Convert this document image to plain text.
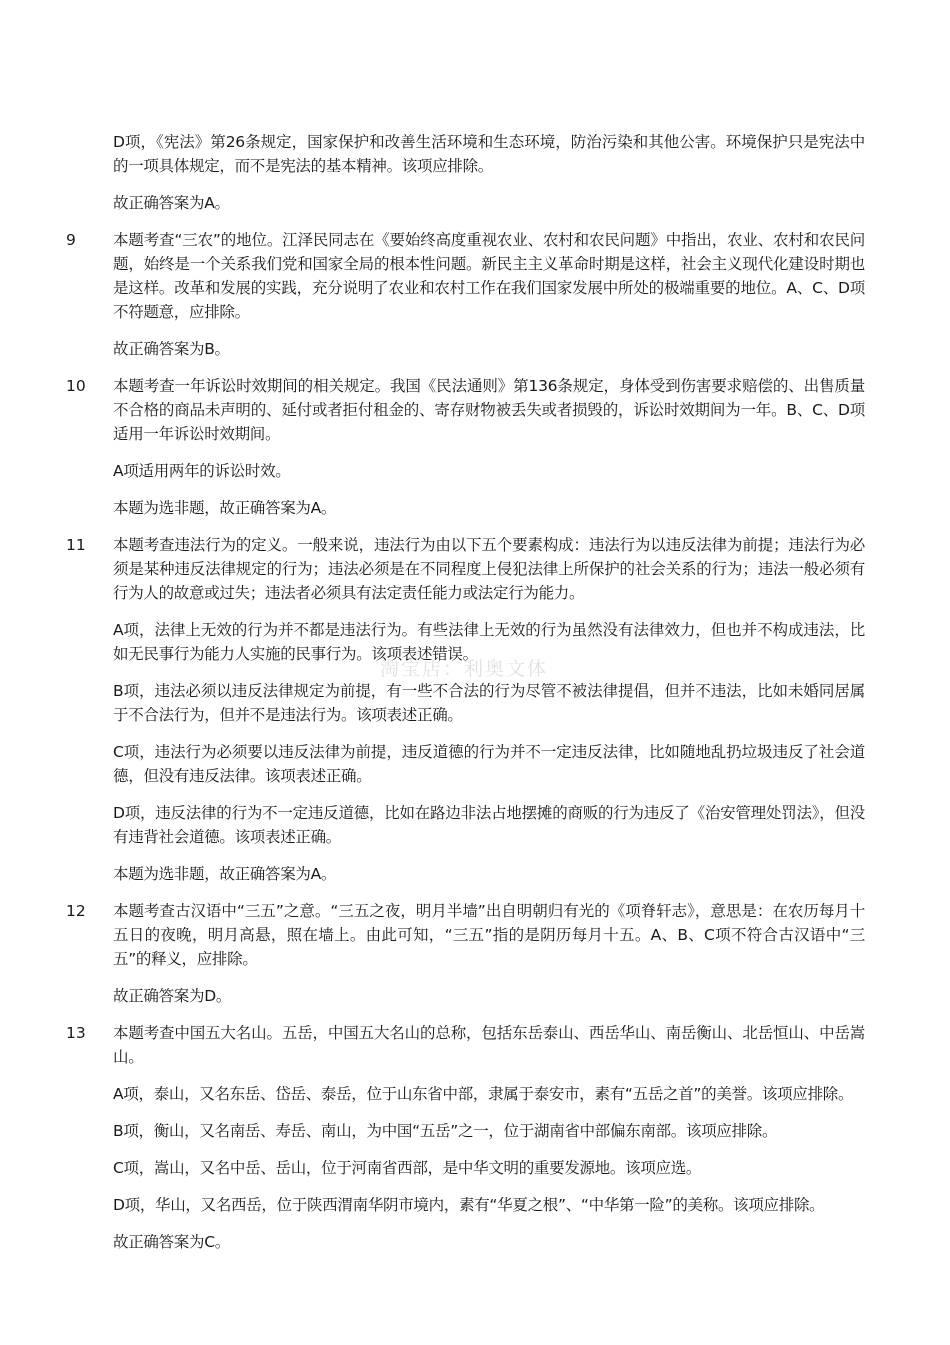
D项，《宪法》第26条规定，国家保护和改善生活环境和生态环境，防治污染和其他公害。环境保护只是宪法中的一项具体规定，而不是宪法的基本精神。该项应排除。

故正确答案为A。

9	本题考查“三农”的地位。江泽民同志在《要始终高度重视农业、农村和农民问题》中指出，农业、农村和农民问题，始终是一个关系我们党和国家全局的根本性问题。新民主主义革命时期是这样，社会主义现代化建设时期也是这样。改革和发展的实践，充分说明了农业和农村工作在我们国家发展中所处的极端重要的地位。A、C、D项不符题意，应排除。

故正确答案为B。

10	本题考查一年诉讼时效期间的相关规定。我国《民法通则》第136条规定，身体受到伤害要求赔偿的、出售质量不合格的商品未声明的、延付或者拒付租金的、寄存财物被丢失或者损毁的，诉讼时效期间为一年。B、C、D项适用一年诉讼时效期间。

A项适用两年的诉讼时效。

本题为选非题，故正确答案为A。

11	本题考查违法行为的定义。一般来说，违法行为由以下五个要素构成：违法行为以违反法律为前提；违法行为必须是某种违反法律规定的行为；违法必须是在不同程度上侵犯法律上所保护的社会关系的行为；违法一般必须有行为人的故意或过失；违法者必须具有法定责任能力或法定行为能力。

A项，法律上无效的行为并不都是违法行为。有些法律上无效的行为虽然没有法律效力，但也并不构成违法，比如无民事行为能力人实施的民事行为。该项表述错误。

B项，违法必须以违反法律规定为前提，有一些不合法的行为尽管不被法律提倡，但并不违法，比如未婚同居属于不合法行为，但并不是违法行为。该项表述正确。

C项，违法行为必须要以违反法律为前提，违反道德的行为并不一定违反法律，比如随地乱扔垃圾违反了社会道德，但没有违反法律。该项表述正确。

D项，违反法律的行为不一定违反道德，比如在路边非法占地摆摊的商贩的行为违反了《治安管理处罚法》，但没有违背社会道德。该项表述正确。

本题为选非题，故正确答案为A。

12	本题考查古汉语中“三五”之意。“三五之夜，明月半墙”出自明朝归有光的《项脊轩志》，意思是：在农历每月十五日的夜晚，明月高悬，照在墙上。由此可知，“三五”指的是阴历每月十五。A、B、C项不符合古汉语中“三五”的释义，应排除。

故正确答案为D。

13	本题考查中国五大名山。五岳，中国五大名山的总称，包括东岳泰山、西岳华山、南岳衡山、北岳恒山、中岳嵩山。

A项，泰山，又名东岳、岱岳、泰岳，位于山东省中部，隶属于泰安市，素有“五岳之首”的美誉。该项应排除。

B项，衡山，又名南岳、寿岳、南山，为中国“五岳”之一，位于湖南省中部偏东南部。该项应排除。

C项，嵩山，又名中岳、岳山，位于河南省西部，是中华文明的重要发源地。该项应选。

D项，华山，又名西岳，位于陕西渭南华阴市境内，素有“华夏之根”、“中华第一险”的美称。该项应排除。

故正确答案为C。

淘宝店：利奥文体
